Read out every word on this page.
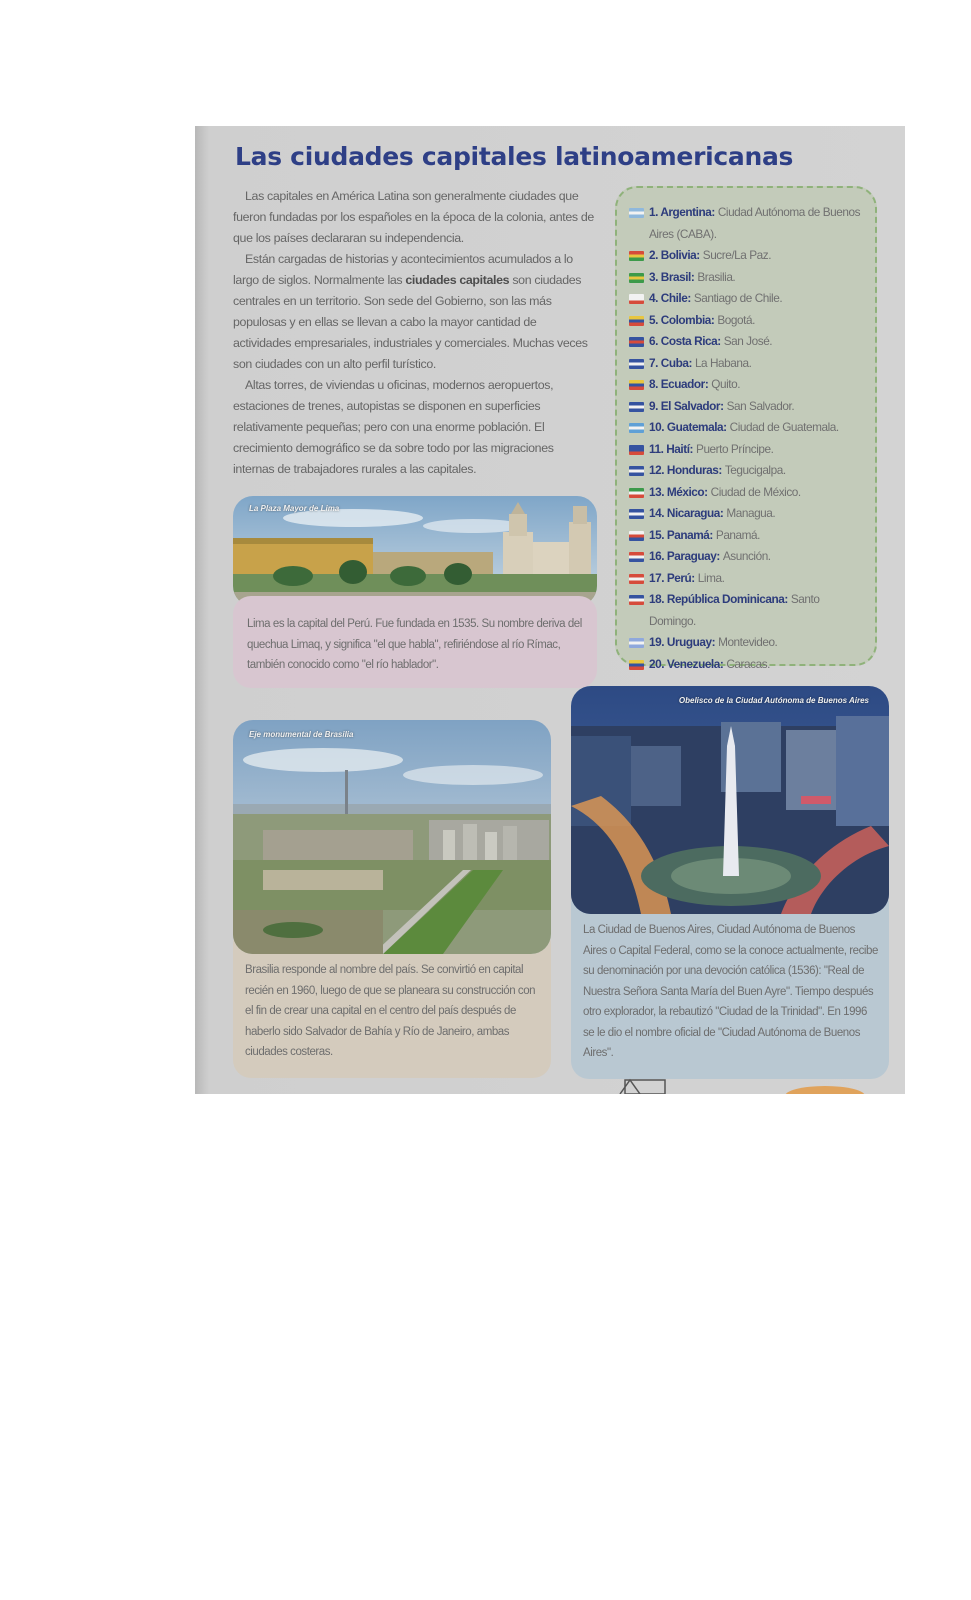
Las ciudades capitales latinoamericanas

Las capitales en América Latina son generalmente ciudades que fueron fundadas por los españoles en la época de la colonia, antes de que los países declararan su independencia.

Están cargadas de historias y acontecimientos acumulados a lo largo de siglos. Normalmente las ciudades capitales son ciudades centrales en un territorio. Son sede del Gobierno, son las más populosas y en ellas se llevan a cabo la mayor cantidad de actividades empresariales, industriales y comerciales. Muchas veces son ciudades con un alto perfil turístico.

Altas torres, de viviendas u oficinas, modernos aeropuertos, estaciones de trenes, autopistas se disponen en superficies relativamente pequeñas; pero con una enorme población. El crecimiento demográfico se da sobre todo por las migraciones internas de trabajadores rurales a las capitales.

1. Argentina: Ciudad Autónoma de Buenos Aires (CABA).
2. Bolivia: Sucre/La Paz.
3. Brasil: Brasilia.
4. Chile: Santiago de Chile.
5. Colombia: Bogotá.
6. Costa Rica: San José.
7. Cuba: La Habana.
8. Ecuador: Quito.
9. El Salvador: San Salvador.
10. Guatemala: Ciudad de Guatemala.
11. Haití: Puerto Príncipe.
12. Honduras: Tegucigalpa.
13. México: Ciudad de México.
14. Nicaragua: Managua.
15. Panamá: Panamá.
16. Paraguay: Asunción.
17. Perú: Lima.
18. República Dominicana: Santo Domingo.
19. Uruguay: Montevideo.
20. Venezuela: Caracas.
La Plaza Mayor de Lima
Lima es la capital del Perú. Fue fundada en 1535. Su nombre deriva del quechua Limaq, y significa "el que habla", refiriéndose al río Rímac, también conocido como "el río hablador".
Brasilia responde al nombre del país. Se convirtió en capital recién en 1960, luego de que se planeara su construcción con el fin de crear una capital en el centro del país después de haberlo sido Salvador de Bahía y Río de Janeiro, ambas ciudades costeras.
Eje monumental de Brasilia
La Ciudad de Buenos Aires, Ciudad Autónoma de Buenos Aires o Capital Federal, como se la conoce actualmente, recibe su denominación por una devoción católica (1536): "Real de Nuestra Señora Santa María del Buen Ayre". Tiempo después otro explorador, la rebautizó "Ciudad de la Trinidad". En 1996 se le dio el nombre oficial de "Ciudad Autónoma de Buenos Aires".
Obelisco de la Ciudad Autónoma de Buenos Aires
